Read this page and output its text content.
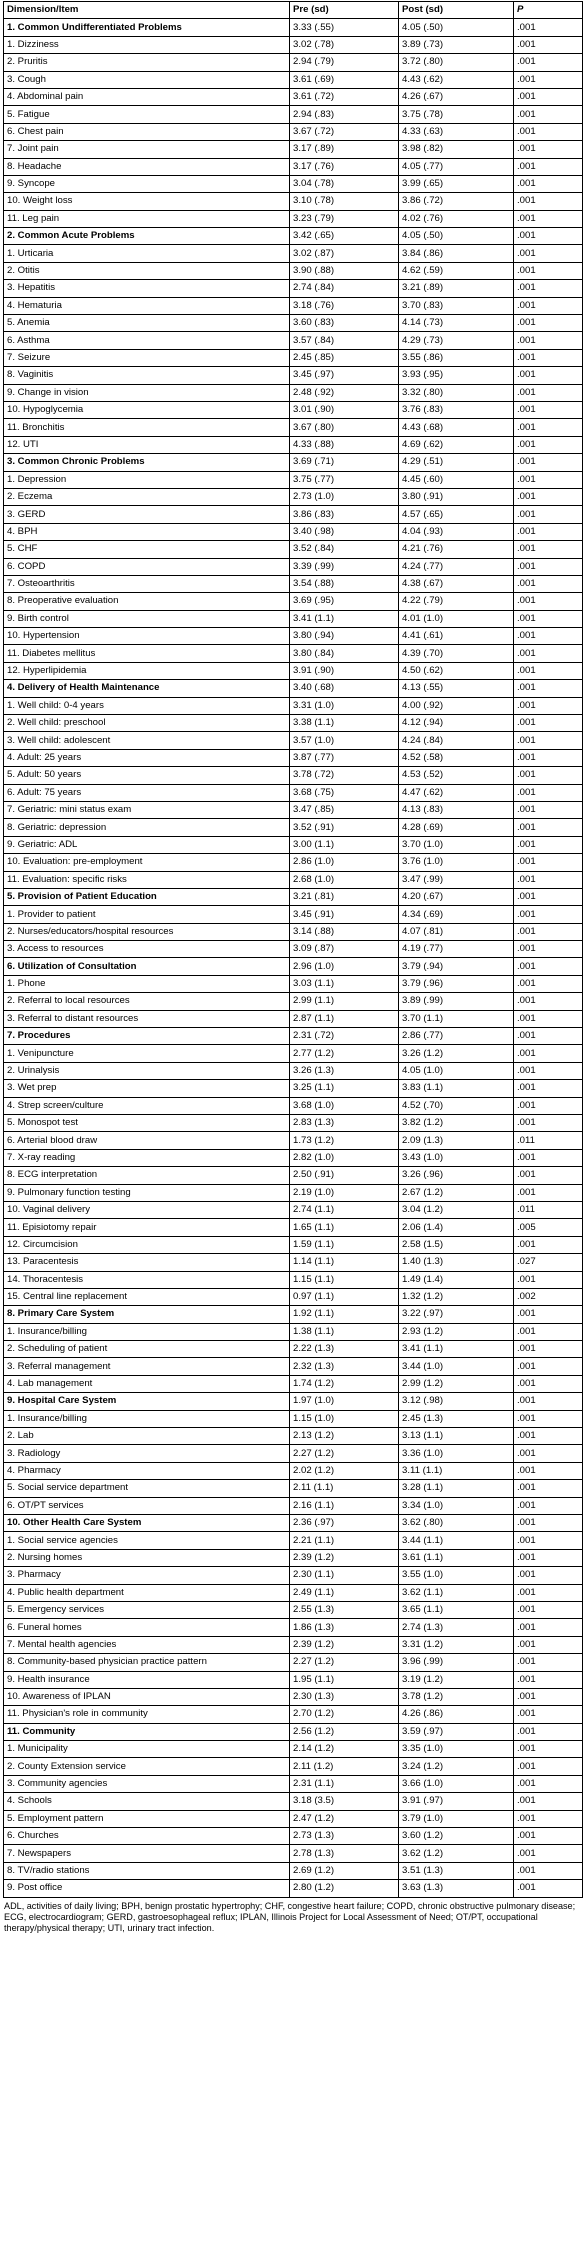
Dimension/Item	Pre (sd)	Post (sd)	P
1. Common Undifferentiated Problems	3.33 (.55)	4.05 (.50)	.001
1. Dizziness	3.02 (.78)	3.89 (.73)	.001
2. Pruritis	2.94 (.79)	3.72 (.80)	.001
3. Cough	3.61 (.69)	4.43 (.62)	.001
4. Abdominal pain	3.61 (.72)	4.26 (.67)	.001
5. Fatigue	2.94 (.83)	3.75 (.78)	.001
6. Chest pain	3.67 (.72)	4.33 (.63)	.001
7. Joint pain	3.17 (.89)	3.98 (.82)	.001
8. Headache	3.17 (.76)	4.05 (.77)	.001
9. Syncope	3.04 (.78)	3.99 (.65)	.001
10. Weight loss	3.10 (.78)	3.86 (.72)	.001
11. Leg pain	3.23 (.79)	4.02 (.76)	.001
2. Common Acute Problems	3.42 (.65)	4.05 (.50)	.001
1. Urticaria	3.02 (.87)	3.84 (.86)	.001
2. Otitis	3.90 (.88)	4.62 (.59)	.001
3. Hepatitis	2.74 (.84)	3.21 (.89)	.001
4. Hematuria	3.18 (.76)	3.70 (.83)	.001
5. Anemia	3.60 (.83)	4.14 (.73)	.001
6. Asthma	3.57 (.84)	4.29 (.73)	.001
7. Seizure	2.45 (.85)	3.55 (.86)	.001
8. Vaginitis	3.45 (.97)	3.93 (.95)	.001
9. Change in vision	2.48 (.92)	3.32 (.80)	.001
10. Hypoglycemia	3.01 (.90)	3.76 (.83)	.001
11. Bronchitis	3.67 (.80)	4.43 (.68)	.001
12. UTI	4.33 (.88)	4.69 (.62)	.001
3. Common Chronic Problems	3.69 (.71)	4.29 (.51)	.001
1. Depression	3.75 (.77)	4.45 (.60)	.001
2. Eczema	2.73 (1.0)	3.80 (.91)	.001
3. GERD	3.86 (.83)	4.57 (.65)	.001
4. BPH	3.40 (.98)	4.04 (.93)	.001
5. CHF	3.52 (.84)	4.21 (.76)	.001
6. COPD	3.39 (.99)	4.24 (.77)	.001
7. Osteoarthritis	3.54 (.88)	4.38 (.67)	.001
8. Preoperative evaluation	3.69 (.95)	4.22 (.79)	.001
9. Birth control	3.41 (1.1)	4.01 (1.0)	.001
10. Hypertension	3.80 (.94)	4.41 (.61)	.001
11. Diabetes mellitus	3.80 (.84)	4.39 (.70)	.001
12. Hyperlipidemia	3.91 (.90)	4.50 (.62)	.001
4. Delivery of Health Maintenance	3.40 (.68)	4.13 (.55)	.001
1. Well child: 0-4 years	3.31 (1.0)	4.00 (.92)	.001
2. Well child: preschool	3.38 (1.1)	4.12 (.94)	.001
3. Well child: adolescent	3.57 (1.0)	4.24 (.84)	.001
4. Adult: 25 years	3.87 (.77)	4.52 (.58)	.001
5. Adult: 50 years	3.78 (.72)	4.53 (.52)	.001
6. Adult: 75 years	3.68 (.75)	4.47 (.62)	.001
7. Geriatric: mini status exam	3.47 (.85)	4.13 (.83)	.001
8. Geriatric: depression	3.52 (.91)	4.28 (.69)	.001
9. Geriatric: ADL	3.00 (1.1)	3.70 (1.0)	.001
10. Evaluation: pre-employment	2.86 (1.0)	3.76 (1.0)	.001
11. Evaluation: specific risks	2.68 (1.0)	3.47 (.99)	.001
5. Provision of Patient Education	3.21 (.81)	4.20 (.67)	.001
1. Provider to patient	3.45 (.91)	4.34 (.69)	.001
2. Nurses/educators/hospital resources	3.14 (.88)	4.07 (.81)	.001
3. Access to resources	3.09 (.87)	4.19 (.77)	.001
6. Utilization of Consultation	2.96 (1.0)	3.79 (.94)	.001
1. Phone	3.03 (1.1)	3.79 (.96)	.001
2. Referral to local resources	2.99 (1.1)	3.89 (.99)	.001
3. Referral to distant resources	2.87 (1.1)	3.70 (1.1)	.001
7. Procedures	2.31 (.72)	2.86 (.77)	.001
1. Venipuncture	2.77 (1.2)	3.26 (1.2)	.001
2. Urinalysis	3.26 (1.3)	4.05 (1.0)	.001
3. Wet prep	3.25 (1.1)	3.83 (1.1)	.001
4. Strep screen/culture	3.68 (1.0)	4.52 (.70)	.001
5. Monospot test	2.83 (1.3)	3.82 (1.2)	.001
6. Arterial blood draw	1.73 (1.2)	2.09 (1.3)	.011
7. X-ray reading	2.82 (1.0)	3.43 (1.0)	.001
8. ECG interpretation	2.50 (.91)	3.26 (.96)	.001
9. Pulmonary function testing	2.19 (1.0)	2.67 (1.2)	.001
10. Vaginal delivery	2.74 (1.1)	3.04 (1.2)	.011
11. Episiotomy repair	1.65 (1.1)	2.06 (1.4)	.005
12. Circumcision	1.59 (1.1)	2.58 (1.5)	.001
13. Paracentesis	1.14 (1.1)	1.40 (1.3)	.027
14. Thoracentesis	1.15 (1.1)	1.49 (1.4)	.001
15. Central line replacement	0.97 (1.1)	1.32 (1.2)	.002
8. Primary Care System	1.92 (1.1)	3.22 (.97)	.001
1. Insurance/billing	1.38 (1.1)	2.93 (1.2)	.001
2. Scheduling of patient	2.22 (1.3)	3.41 (1.1)	.001
3. Referral management	2.32 (1.3)	3.44 (1.0)	.001
4. Lab management	1.74 (1.2)	2.99 (1.2)	.001
9. Hospital Care System	1.97 (1.0)	3.12 (.98)	.001
1. Insurance/billing	1.15 (1.0)	2.45 (1.3)	.001
2. Lab	2.13 (1.2)	3.13 (1.1)	.001
3. Radiology	2.27 (1.2)	3.36 (1.0)	.001
4. Pharmacy	2.02 (1.2)	3.11 (1.1)	.001
5. Social service department	2.11 (1.1)	3.28 (1.1)	.001
6. OT/PT services	2.16 (1.1)	3.34 (1.0)	.001
10. Other Health Care System	2.36 (.97)	3.62 (.80)	.001
1. Social service agencies	2.21 (1.1)	3.44 (1.1)	.001
2. Nursing homes	2.39 (1.2)	3.61 (1.1)	.001
3. Pharmacy	2.30 (1.1)	3.55 (1.0)	.001
4. Public health department	2.49 (1.1)	3.62 (1.1)	.001
5. Emergency services	2.55 (1.3)	3.65 (1.1)	.001
6. Funeral homes	1.86 (1.3)	2.74 (1.3)	.001
7. Mental health agencies	2.39 (1.2)	3.31 (1.2)	.001
8. Community-based physician practice pattern	2.27 (1.2)	3.96 (.99)	.001
9. Health insurance	1.95 (1.1)	3.19 (1.2)	.001
10. Awareness of IPLAN	2.30 (1.3)	3.78 (1.2)	.001
11. Physician's role in community	2.70 (1.2)	4.26 (.86)	.001
11. Community	2.56 (1.2)	3.59 (.97)	.001
1. Municipality	2.14 (1.2)	3.35 (1.0)	.001
2. County Extension service	2.11 (1.2)	3.24 (1.2)	.001
3. Community agencies	2.31 (1.1)	3.66 (1.0)	.001
4. Schools	3.18 (3.5)	3.91 (.97)	.001
5. Employment pattern	2.47 (1.2)	3.79 (1.0)	.001
6. Churches	2.73 (1.3)	3.60 (1.2)	.001
7. Newspapers	2.78 (1.3)	3.62 (1.2)	.001
8. TV/radio stations	2.69 (1.2)	3.51 (1.3)	.001
9. Post office	2.80 (1.2)	3.63 (1.3)	.001
ADL, activities of daily living; BPH, benign prostatic hypertrophy; CHF, congestive heart failure; COPD, chronic obstructive pulmonary disease; ECG, electrocardiogram; GERD, gastroesophageal reflux; IPLAN, Illinois Project for Local Assessment of Need; OT/PT, occupational therapy/physical therapy; UTI, urinary tract infection.
